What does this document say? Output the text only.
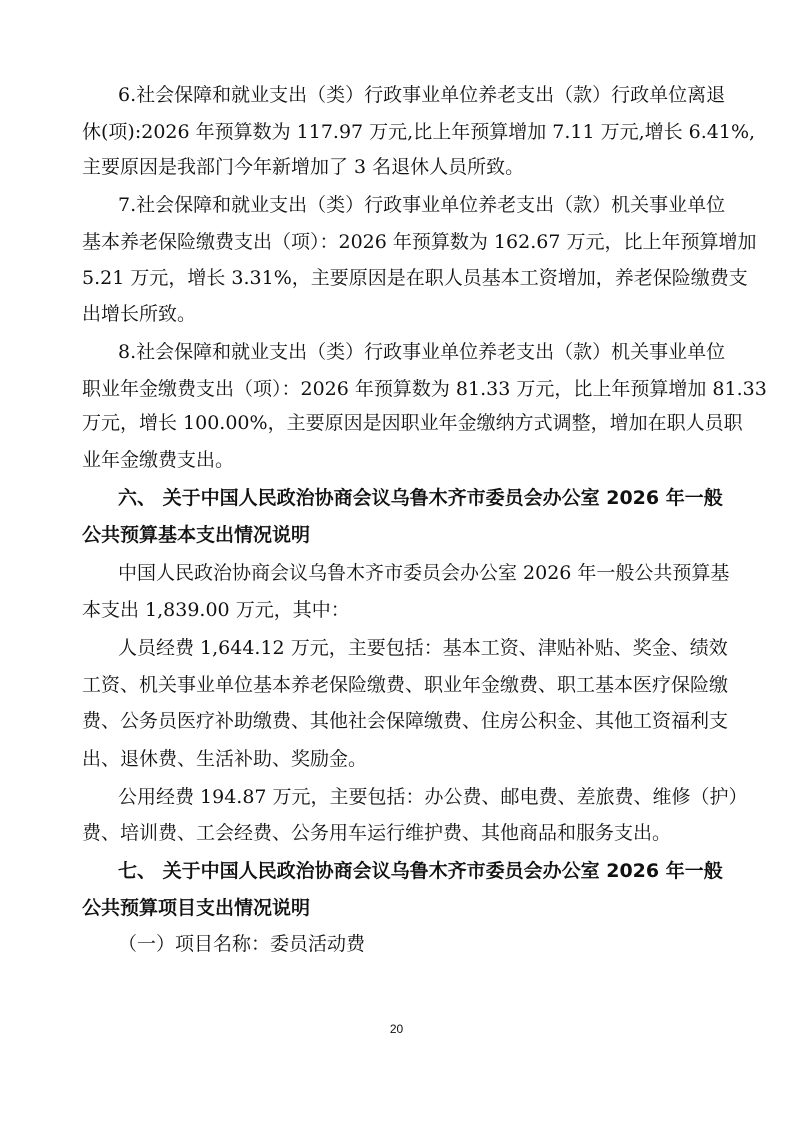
6.社会保障和就业支出（类）行政事业单位养老支出（款）行政单位离退
休(项):2026 年预算数为 117.97 万元,比上年预算增加 7.11 万元,增长 6.41%,
主要原因是我部门今年新增加了 3 名退休人员所致。
7.社会保障和就业支出（类）行政事业单位养老支出（款）机关事业单位
基本养老保险缴费支出（项）：2026 年预算数为 162.67 万元，比上年预算增加
5.21 万元，增长 3.31%，主要原因是在职人员基本工资增加，养老保险缴费支
出增长所致。
8.社会保障和就业支出（类）行政事业单位养老支出（款）机关事业单位
职业年金缴费支出（项）：2026 年预算数为 81.33 万元，比上年预算增加 81.33
万元，增长 100.00%，主要原因是因职业年金缴纳方式调整，增加在职人员职
业年金缴费支出。
六、 关于中国人民政治协商会议乌鲁木齐市委员会办公室 2026 年一般
公共预算基本支出情况说明
中国人民政治协商会议乌鲁木齐市委员会办公室 2026 年一般公共预算基
本支出 1,839.00 万元，其中：
人员经费 1,644.12 万元，主要包括：基本工资、津贴补贴、奖金、绩效
工资、机关事业单位基本养老保险缴费、职业年金缴费、职工基本医疗保险缴
费、公务员医疗补助缴费、其他社会保障缴费、住房公积金、其他工资福利支
出、退休费、生活补助、奖励金。
公用经费 194.87 万元，主要包括：办公费、邮电费、差旅费、维修（护）
费、培训费、工会经费、公务用车运行维护费、其他商品和服务支出。
七、 关于中国人民政治协商会议乌鲁木齐市委员会办公室 2026 年一般
公共预算项目支出情况说明
（一）项目名称：委员活动费
20
